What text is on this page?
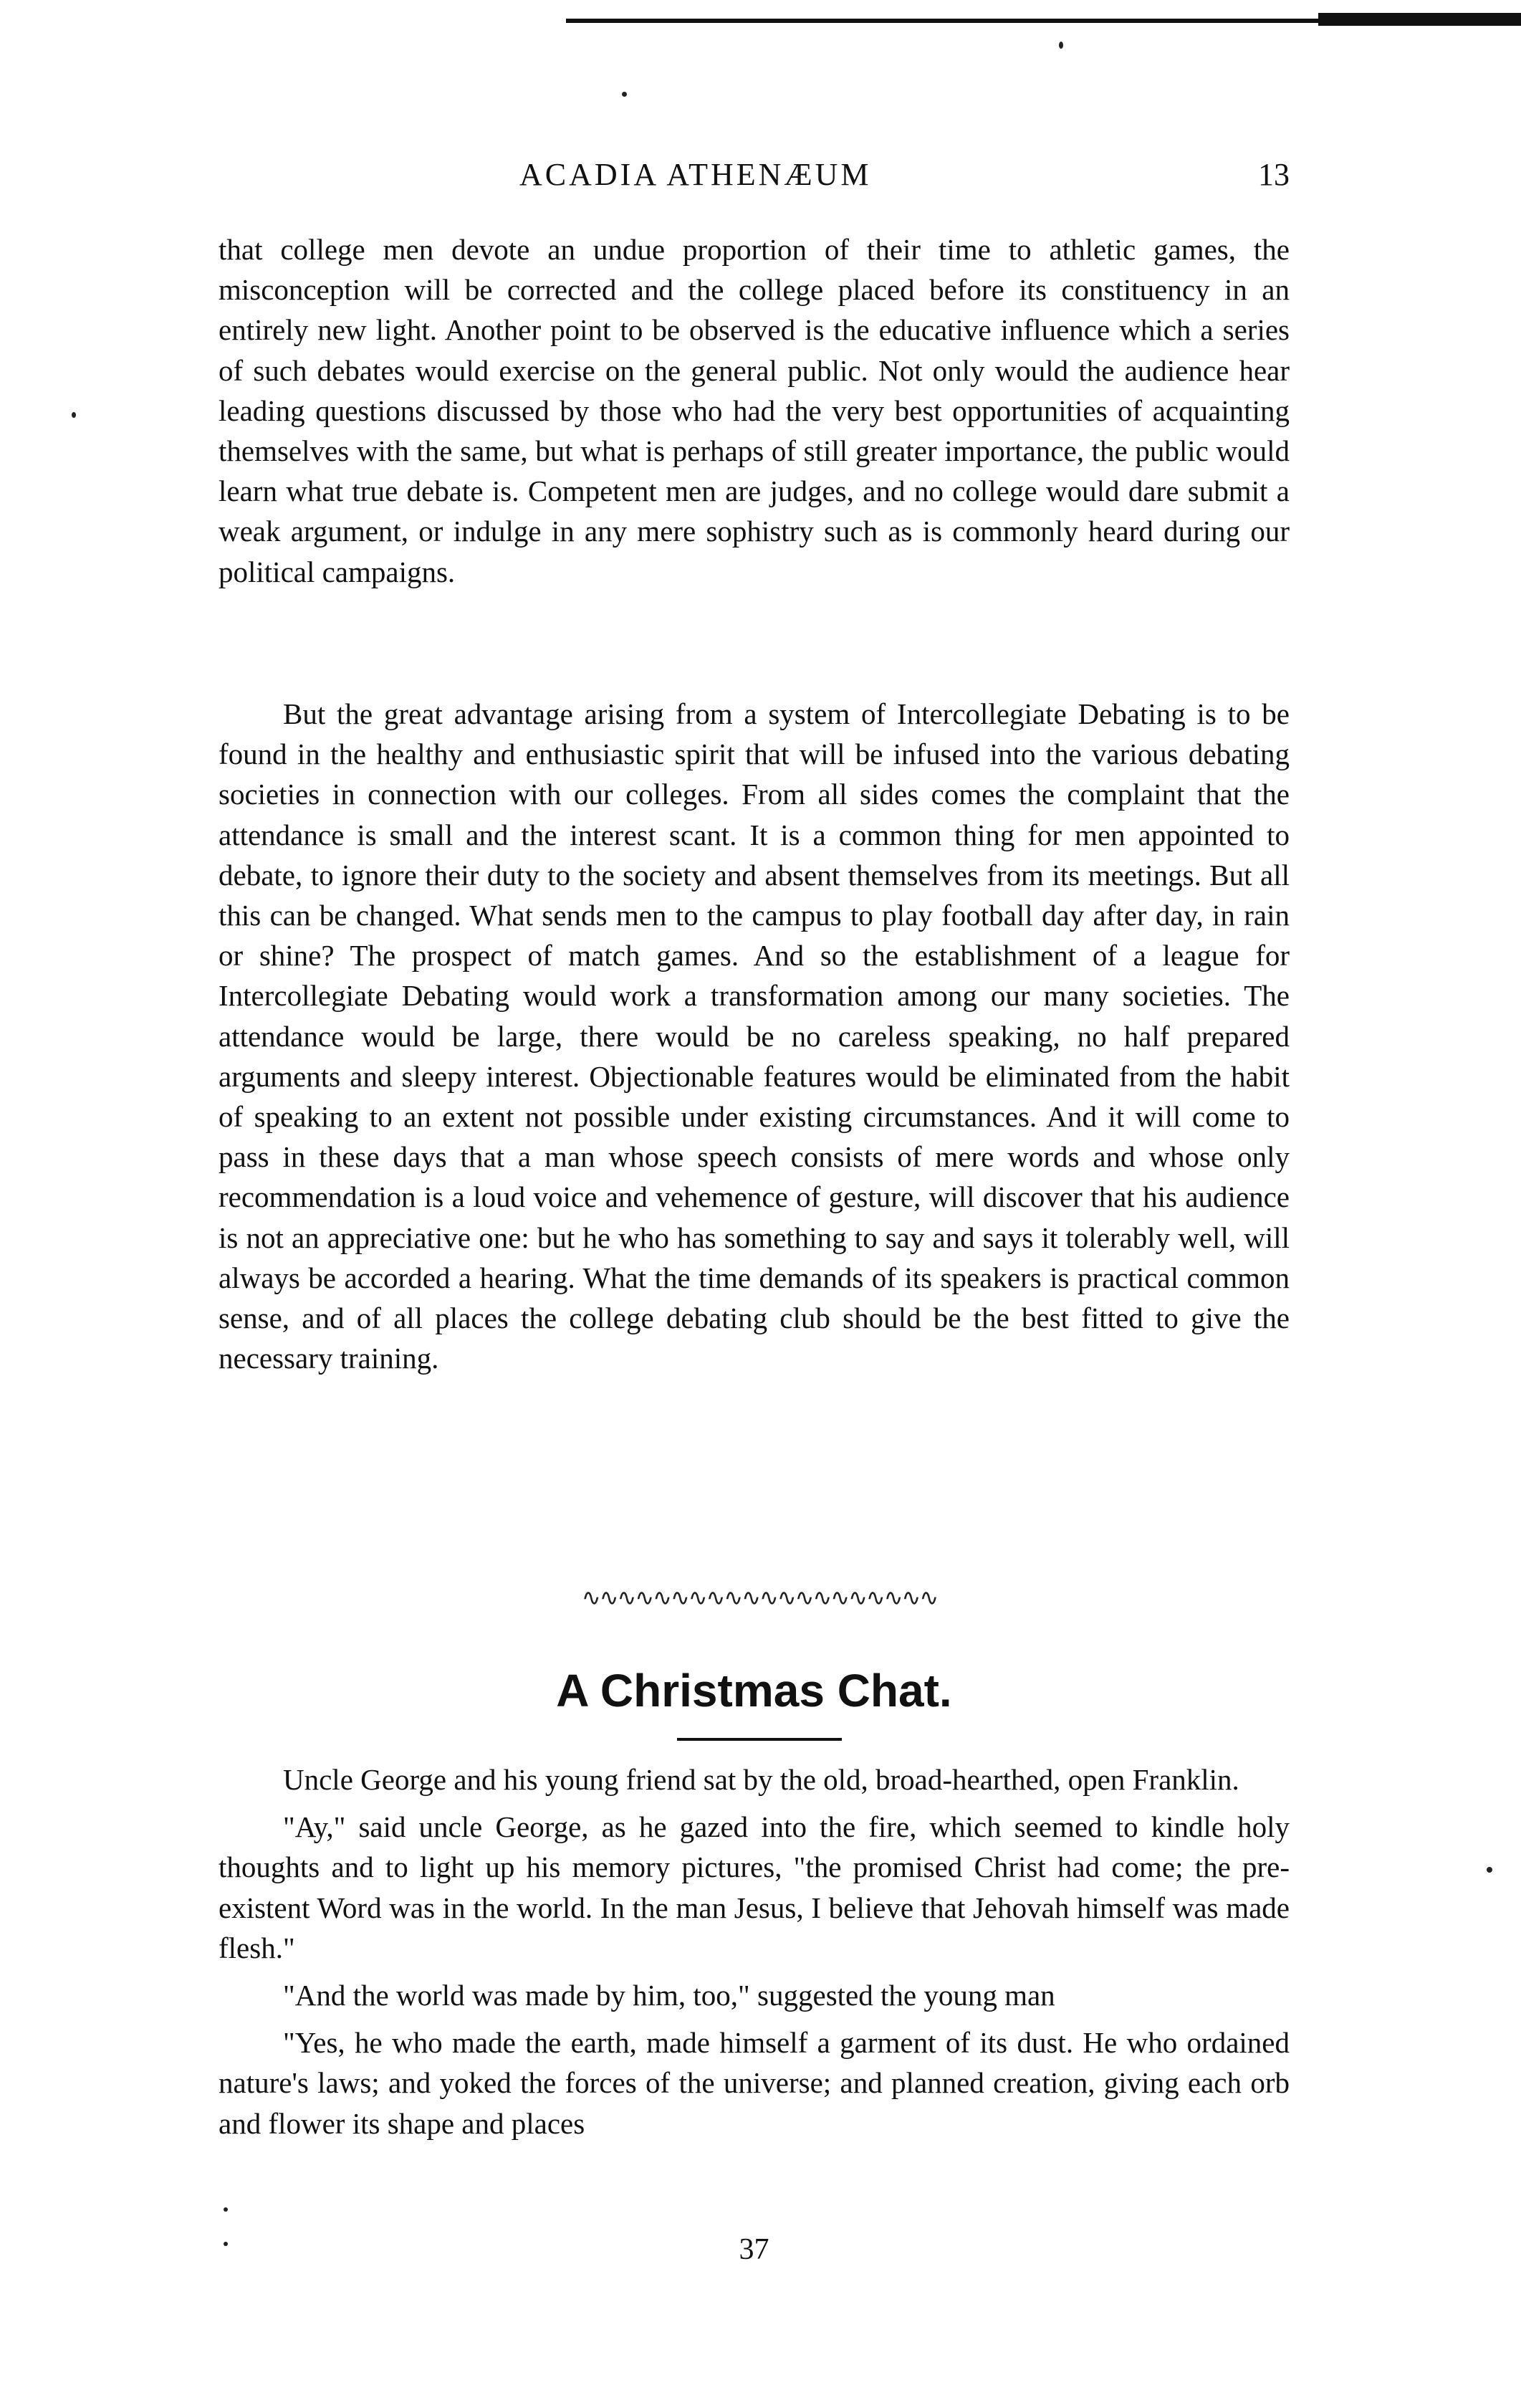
ACADIA ATHENÆUM	13

that college men devote an undue proportion of their time to athletic games, the misconception will be corrected and the college placed before its constituency in an entirely new light. Another point to be observed is the educative influence which a series of such debates would exercise on the general public. Not only would the audience hear leading questions discussed by those who had the very best opportunities of acquainting themselves with the same, but what is perhaps of still greater importance, the public would learn what true debate is. Competent men are judges, and no college would dare submit a weak argument, or indulge in any mere sophistry such as is commonly heard during our political campaigns.

But the great advantage arising from a system of Intercollegiate Debating is to be found in the healthy and enthusiastic spirit that will be infused into the various debating societies in connection with our colleges. From all sides comes the complaint that the attendance is small and the interest scant. It is a common thing for men appointed to debate, to ignore their duty to the society and absent themselves from its meetings. But all this can be changed. What sends men to the campus to play football day after day, in rain or shine? The prospect of match games. And so the establishment of a league for Intercollegiate Debating would work a transformation among our many societies. The attendance would be large, there would be no careless speaking, no half prepared arguments and sleepy interest. Objectionable features would be eliminated from the habit of speaking to an extent not possible under existing circumstances. And it will come to pass in these days that a man whose speech consists of mere words and whose only recommendation is a loud voice and vehemence of gesture, will discover that his audience is not an appreciative one: but he who has something to say and says it tolerably well, will always be accorded a hearing. What the time demands of its speakers is practical common sense, and of all places the college debating club should be the best fitted to give the necessary training.

∿∿∿∿∿∿∿∿∿∿∿∿∿∿∿∿∿∿∿∿
A Christmas Chat.

Uncle George and his young friend sat by the old, broad-hearthed, open Franklin.

"Ay," said uncle George, as he gazed into the fire, which seemed to kindle holy thoughts and to light up his memory pictures, "the promised Christ had come; the pre-existent Word was in the world. In the man Jesus, I believe that Jehovah himself was made flesh."

"And the world was made by him, too," suggested the young man

"Yes, he who made the earth, made himself a garment of its dust. He who ordained nature's laws; and yoked the forces of the universe; and planned creation, giving each orb and flower its shape and places

37
